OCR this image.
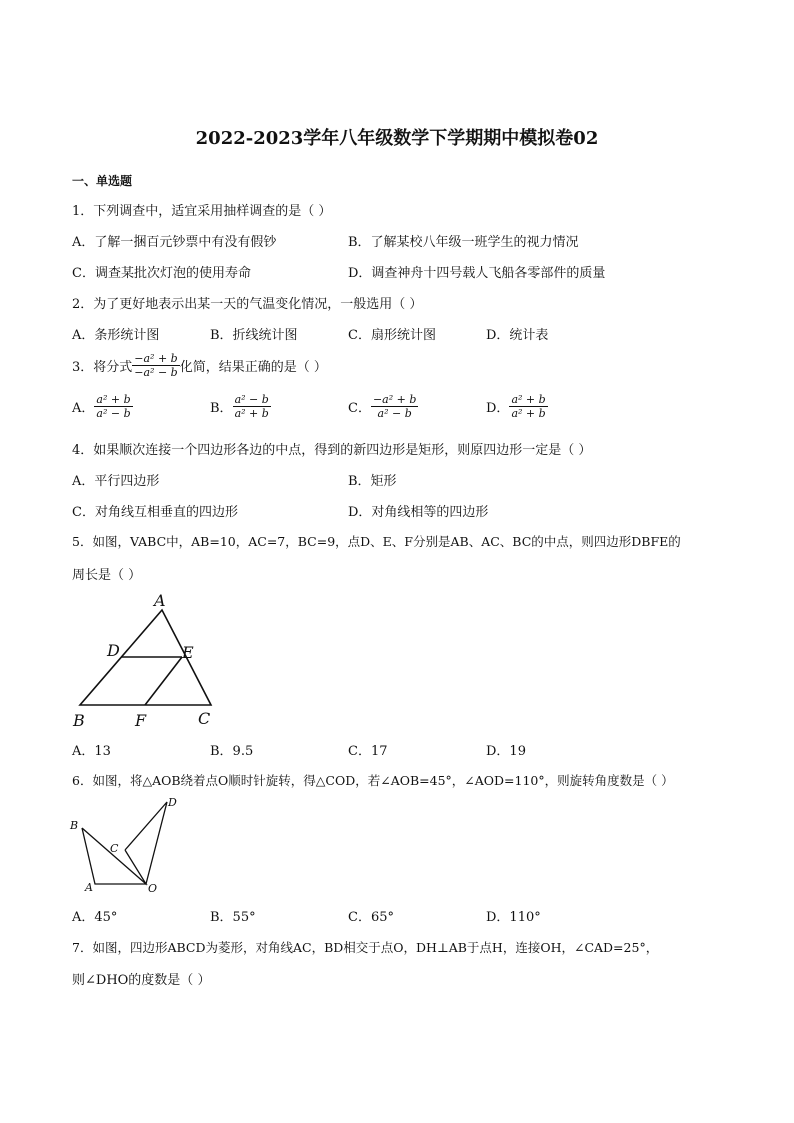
2022-2023学年八年级数学下学期期中模拟卷02
一、单选题
1．下列调查中，适宜采用抽样调查的是（ ）
A．了解一捆百元钞票中有没有假钞	B．了解某校八年级一班学生的视力情况
C．调查某批次灯泡的使用寿命	D．调查神舟十四号载人飞船各零部件的质量
2．为了更好地表示出某一天的气温变化情况，一般选用（ ）
A．条形统计图	B．折线统计图	C．扇形统计图	D．统计表
3．将分式 $\frac{\text{−a² + b}}{\text{−a² − b}}$ 化简，结果正确的是（ ）
A． $\frac{\text{a² + b}}{\text{a² − b}}$	B． $\frac{\text{a² − b}}{\text{a² + b}}$	C． $\frac{\text{−a² + b}}{\text{a² − b}}$	D． $\frac{\text{a² + b}}{\text{a² + b}}$
4．如果顺次连接一个四边形各边的中点，得到的新四边形是矩形，则原四边形一定是（ ）
A．平行四边形	B．矩形
C．对角线互相垂直的四边形	D．对角线相等的四边形
5．如图，VABC中，AB=10，AC=7，BC=9，点D、E、F分别是AB、AC、BC的中点，则四边形DBFE的
周长是（ ）
A
D	E
B	F	C
A．13	B．9.5	C．17	D．19
6．如图，将△AOB绕着点O顺时针旋转，得△COD，若∠AOB=45°，∠AOD=110°，则旋转角度数是（ ）
B
A	O
C
D
A．45°	B．55°	C．65°	D．110°
7．如图，四边形ABCD为菱形，对角线AC，BD相交于点O，DH⊥AB于点H，连接OH，∠CAD=25°，
则∠DHO的度数是（ ）
